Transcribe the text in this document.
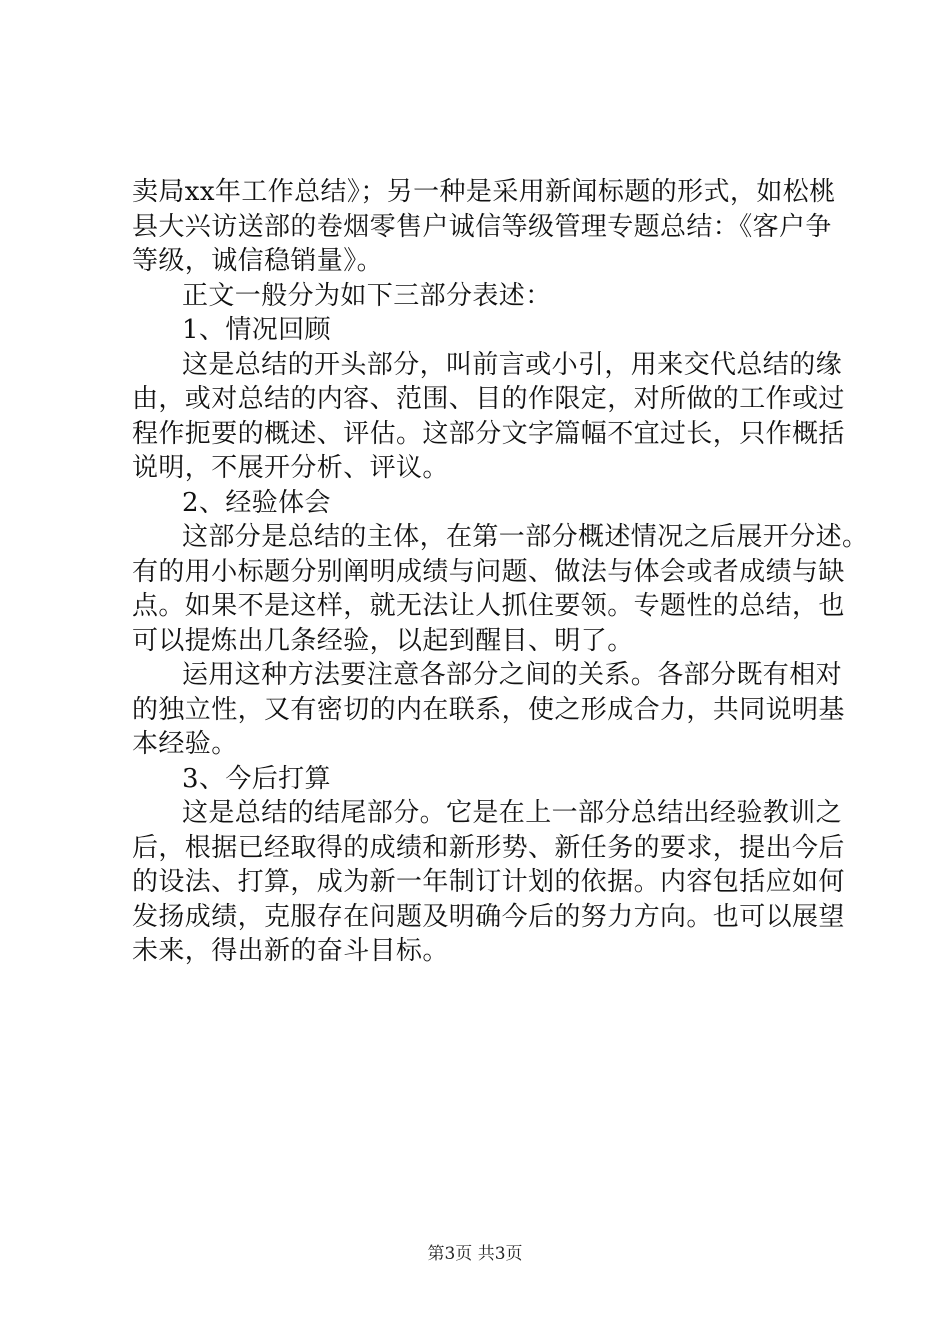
卖局xx年工作总结》；另一种是采用新闻标题的形式，如松桃
县大兴访送部的卷烟零售户诚信等级管理专题总结：《客户争
等级，诚信稳销量》。
正文一般分为如下三部分表述：
1、情况回顾
这是总结的开头部分，叫前言或小引，用来交代总结的缘
由，或对总结的内容、范围、目的作限定，对所做的工作或过
程作扼要的概述、评估。这部分文字篇幅不宜过长，只作概括
说明，不展开分析、评议。
2、经验体会
这部分是总结的主体，在第一部分概述情况之后展开分述。
有的用小标题分别阐明成绩与问题、做法与体会或者成绩与缺
点。如果不是这样，就无法让人抓住要领。专题性的总结，也
可以提炼出几条经验，以起到醒目、明了。
运用这种方法要注意各部分之间的关系。各部分既有相对
的独立性，又有密切的内在联系，使之形成合力，共同说明基
本经验。
3、今后打算
这是总结的结尾部分。它是在上一部分总结出经验教训之
后，根据已经取得的成绩和新形势、新任务的要求，提出今后
的设法、打算，成为新一年制订计划的依据。内容包括应如何
发扬成绩，克服存在问题及明确今后的努力方向。也可以展望
未来，得出新的奋斗目标。
第3页 共3页
